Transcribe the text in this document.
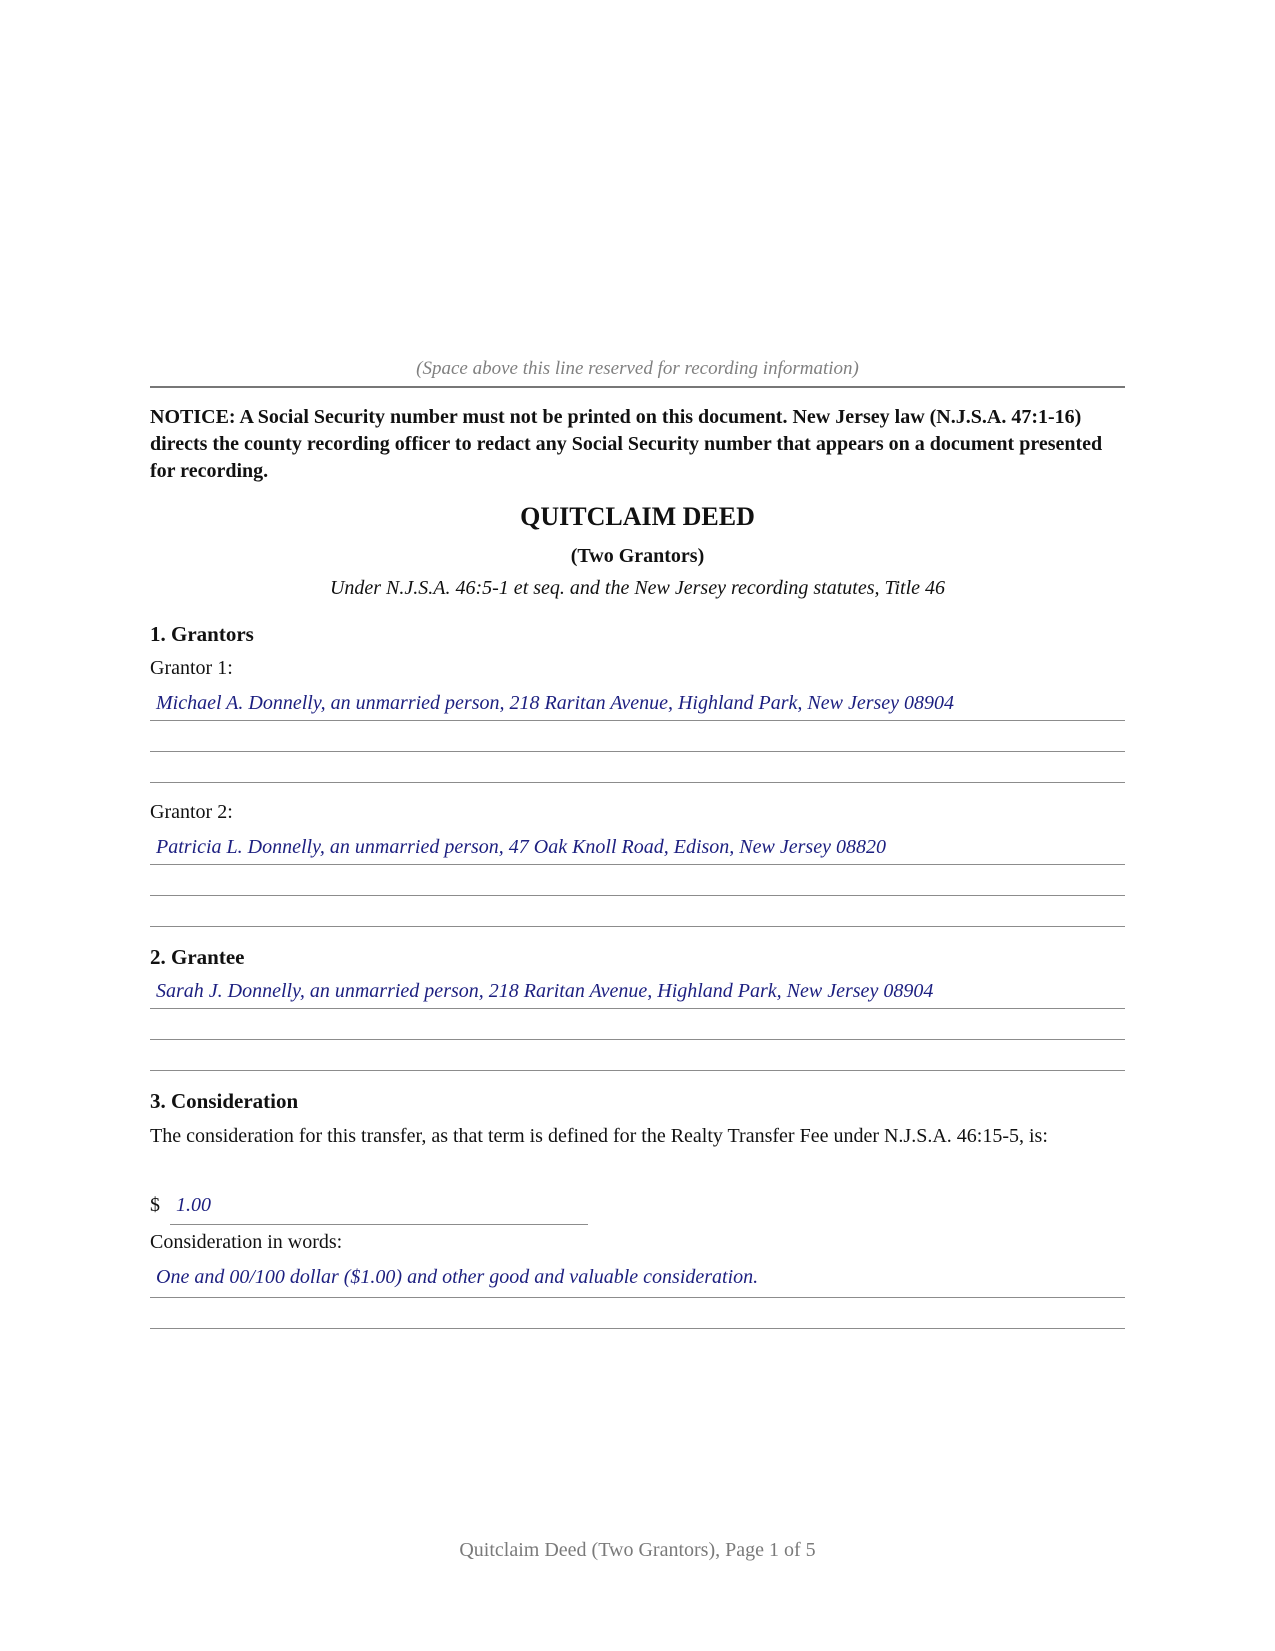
(Space above this line reserved for recording information)
NOTICE: A Social Security number must not be printed on this document. New Jersey law (N.J.S.A. 47:1-16) directs the county recording officer to redact any Social Security number that appears on a document presented for recording.
QUITCLAIM DEED
(Two Grantors)
Under N.J.S.A. 46:5-1 et seq. and the New Jersey recording statutes, Title 46
1. Grantors
Grantor 1:
Michael A. Donnelly, an unmarried person, 218 Raritan Avenue, Highland Park, New Jersey 08904
Grantor 2:
Patricia L. Donnelly, an unmarried person, 47 Oak Knoll Road, Edison, New Jersey 08820
2. Grantee
Sarah J. Donnelly, an unmarried person, 218 Raritan Avenue, Highland Park, New Jersey 08904
3. Consideration
The consideration for this transfer, as that term is defined for the Realty Transfer Fee under N.J.S.A. 46:15-5, is:
$ 1.00
Consideration in words:
One and 00/100 dollar ($1.00) and other good and valuable consideration.
Quitclaim Deed (Two Grantors), Page 1 of 5
